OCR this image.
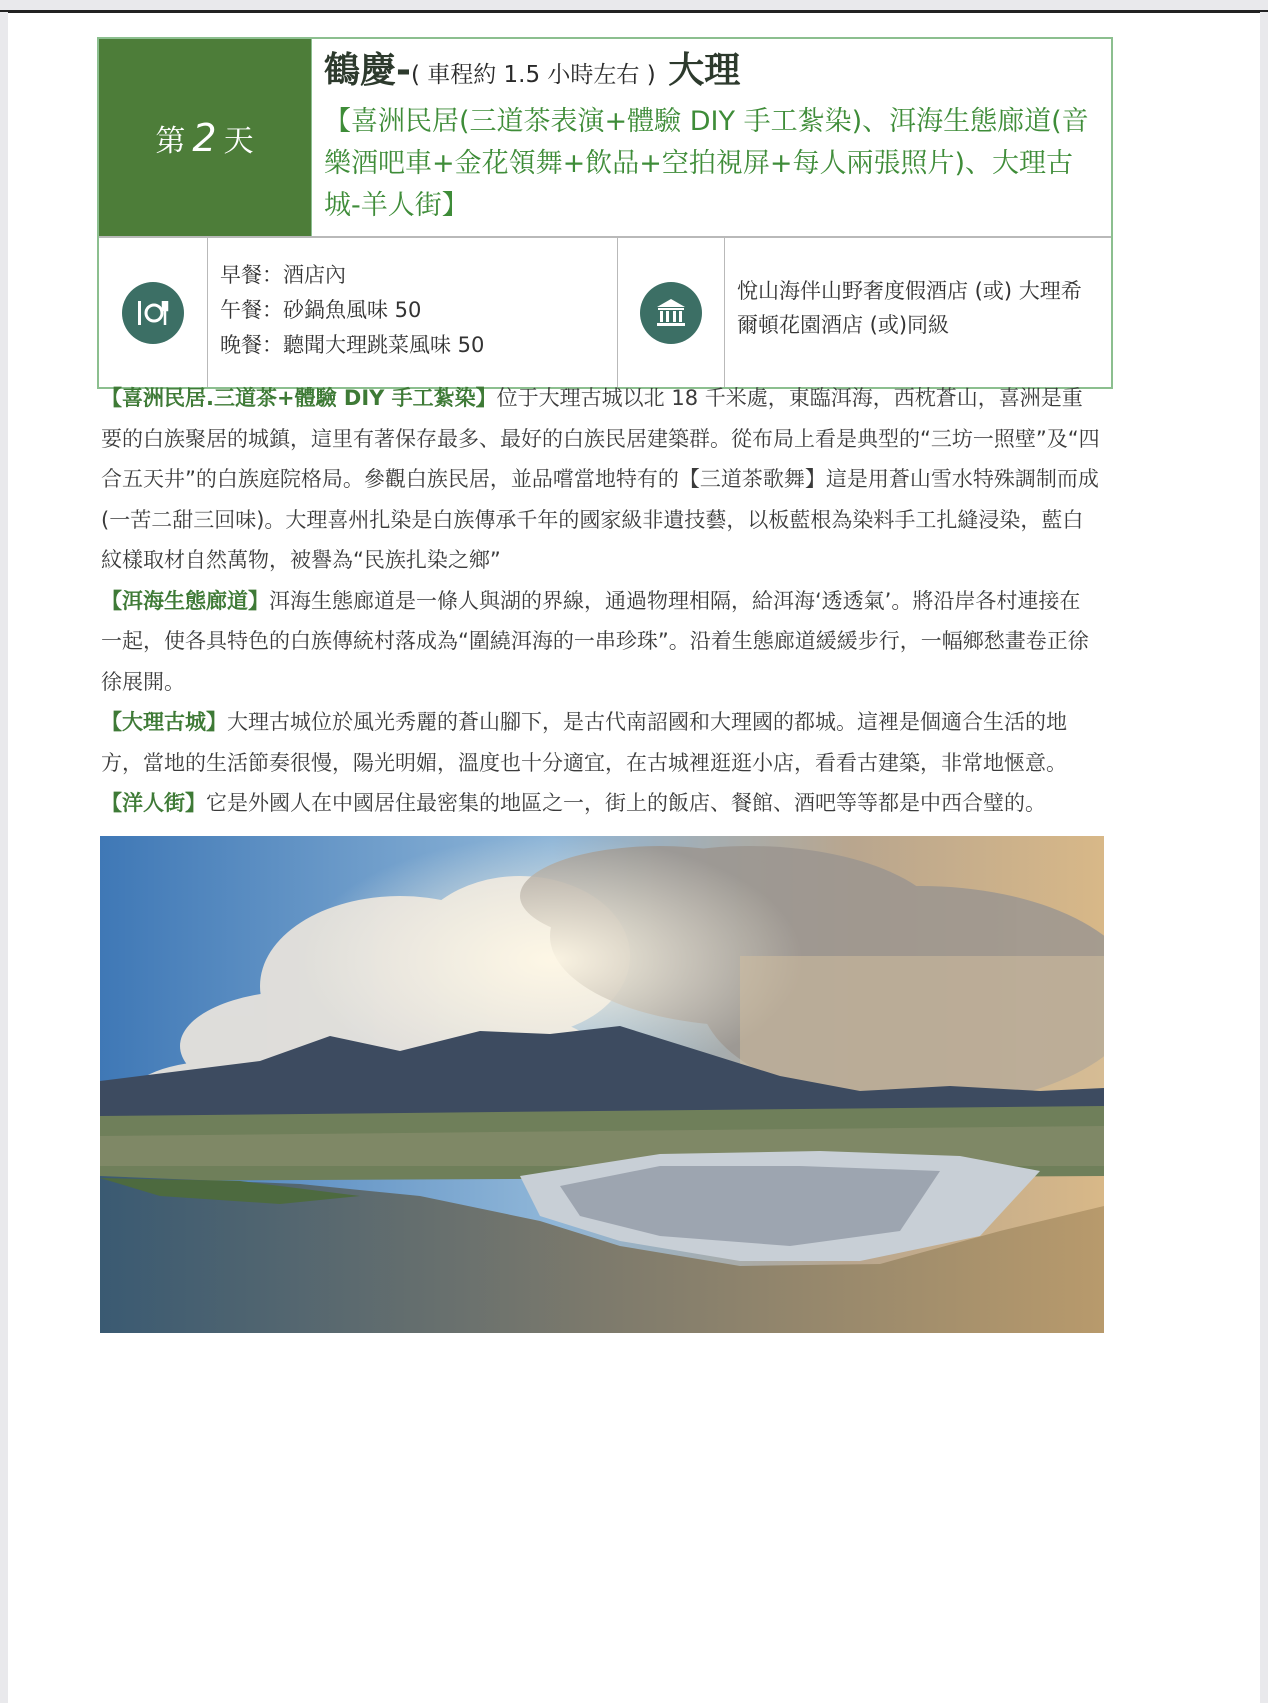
第 2 天
鶴慶-( 車程約 1.5 小時左右 ) 大理
【喜洲民居(三道茶表演+體驗 DIY 手工紮染)、洱海生態廊道(音樂酒吧車+金花領舞+飲品+空拍視屏+每人兩張照片)、大理古城-羊人街】
早餐：酒店內
午餐：砂鍋魚風味 50
晚餐：聽聞大理跳菜風味 50
悅山海伴山野奢度假酒店 (或) 大理希爾頓花園酒店 (或)同級

【喜洲民居.三道茶+體驗 DIY 手工紮染】位于大理古城以北 18 千米處，東臨洱海，西枕蒼山，喜洲是重要的白族聚居的城鎮，這里有著保存最多、最好的白族民居建築群。從布局上看是典型的“三坊一照壁”及“四合五天井”的白族庭院格局。參觀白族民居，並品嚐當地特有的【三道茶歌舞】這是用蒼山雪水特殊調制而成(一苦二甜三回味)。大理喜州扎染是白族傳承千年的國家級非遺技藝，以板藍根為染料手工扎縫浸染，藍白紋樣取材自然萬物，被譽為“民族扎染之鄉”

【洱海生態廊道】洱海生態廊道是一條人與湖的界線，通過物理相隔，給洱海‘透透氣’。將沿岸各村連接在一起，使各具特色的白族傳統村落成為“圍繞洱海的一串珍珠”。沿着生態廊道緩緩步行，一幅鄉愁畫卷正徐徐展開。

【大理古城】大理古城位於風光秀麗的蒼山腳下，是古代南詔國和大理國的都城。這裡是個適合生活的地方，當地的生活節奏很慢，陽光明媚，溫度也十分適宜，在古城裡逛逛小店，看看古建築，非常地愜意。

【洋人街】它是外國人在中國居住最密集的地區之一，街上的飯店、餐館、酒吧等等都是中西合璧的。
